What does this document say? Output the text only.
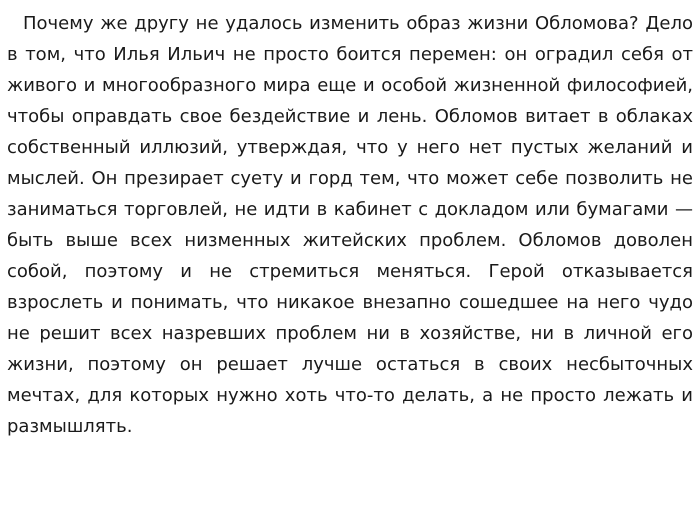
Почему же другу не удалось изменить образ жизни Обломова? Дело в том, что Илья Ильич не просто боится перемен: он оградил себя от живого и многообразного мира еще и особой жизненной философией, чтобы оправдать свое бездействие и лень. Обломов витает в облаках собственный иллюзий, утверждая, что у него нет пустых желаний и мыслей. Он презирает суету и горд тем, что может себе позволить не заниматься торговлей, не идти в кабинет с докладом или бумагами — быть выше всех низменных житейских проблем. Обломов доволен собой, поэтому и не стремиться меняться. Герой отказывается взрослеть и понимать, что никакое внезапно сошедшее на него чудо не решит всех назревших проблем ни в хозяйстве, ни в личной его жизни, поэтому он решает лучше остаться в своих несбыточных мечтах, для которых нужно хоть что-то делать, а не просто лежать и размышлять.
